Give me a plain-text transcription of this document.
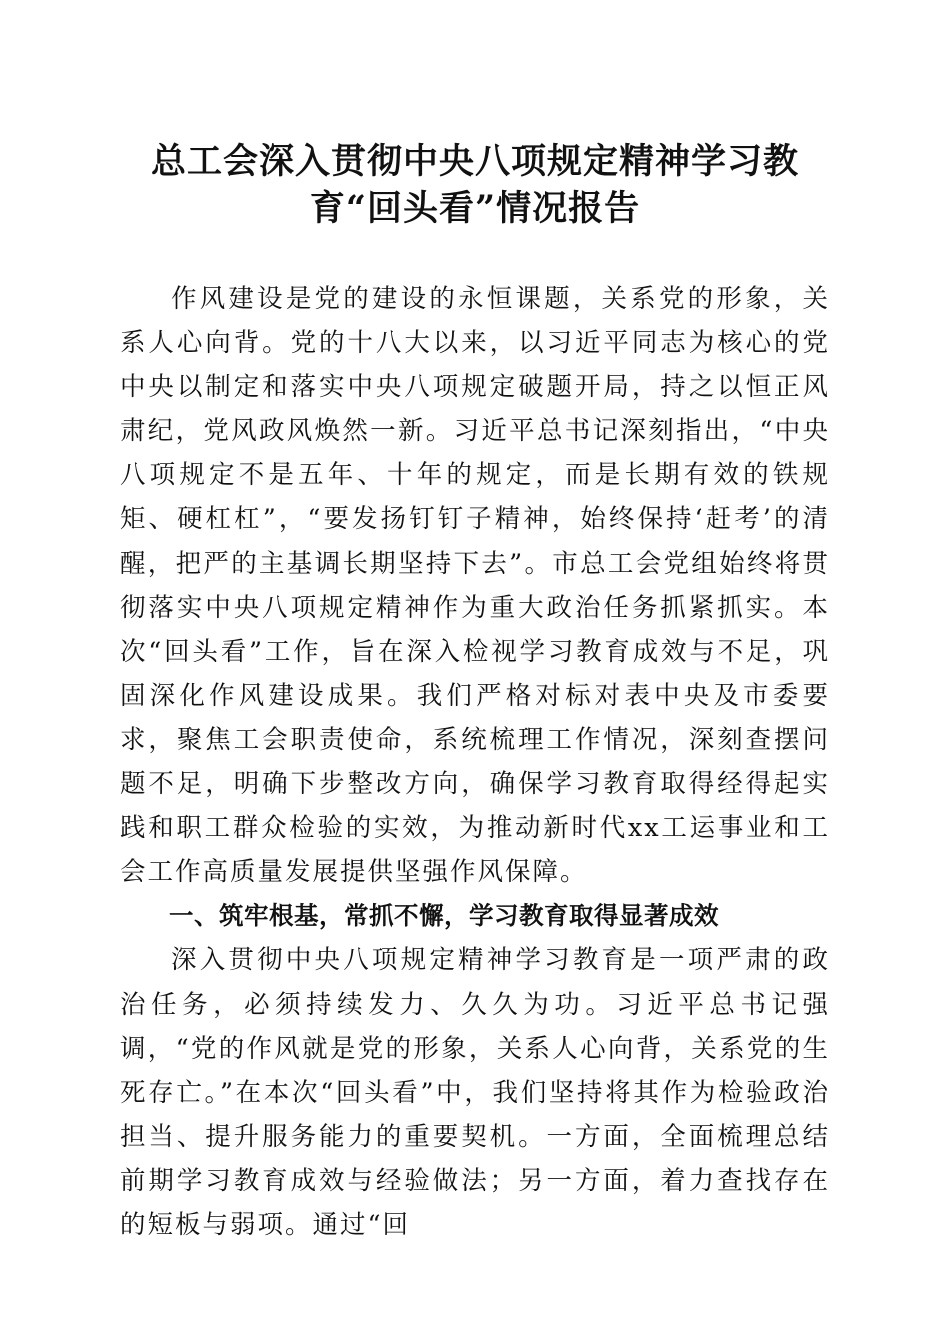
总工会深入贯彻中央八项规定精神学习教
育“回头看”情况报告

作风建设是党的建设的永恒课题，关系党的形象，关系人心向背。党的十八大以来，以习近平同志为核心的党中央以制定和落实中央八项规定破题开局，持之以恒正风肃纪，党风政风焕然一新。习近平总书记深刻指出，“中央八项规定不是五年、十年的规定，而是长期有效的铁规矩、硬杠杠”，“要发扬钉钉子精神，始终保持‘赶考’的清醒，把严的主基调长期坚持下去”。市总工会党组始终将贯彻落实中央八项规定精神作为重大政治任务抓紧抓实。本次“回头看”工作，旨在深入检视学习教育成效与不足，巩固深化作风建设成果。我们严格对标对表中央及市委要求，聚焦工会职责使命，系统梳理工作情况，深刻查摆问题不足，明确下步整改方向，确保学习教育取得经得起实践和职工群众检验的实效，为推动新时代xx工运事业和工会工作高质量发展提供坚强作风保障。

一、筑牢根基，常抓不懈，学习教育取得显著成效

深入贯彻中央八项规定精神学习教育是一项严肃的政治任务，必须持续发力、久久为功。习近平总书记强调，“党的作风就是党的形象，关系人心向背，关系党的生死存亡。”在本次“回头看”中，我们坚持将其作为检验政治担当、提升服务能力的重要契机。一方面，全面梳理总结前期学习教育成效与经验做法；另一方面，着力查找存在的短板与弱项。通过“回
